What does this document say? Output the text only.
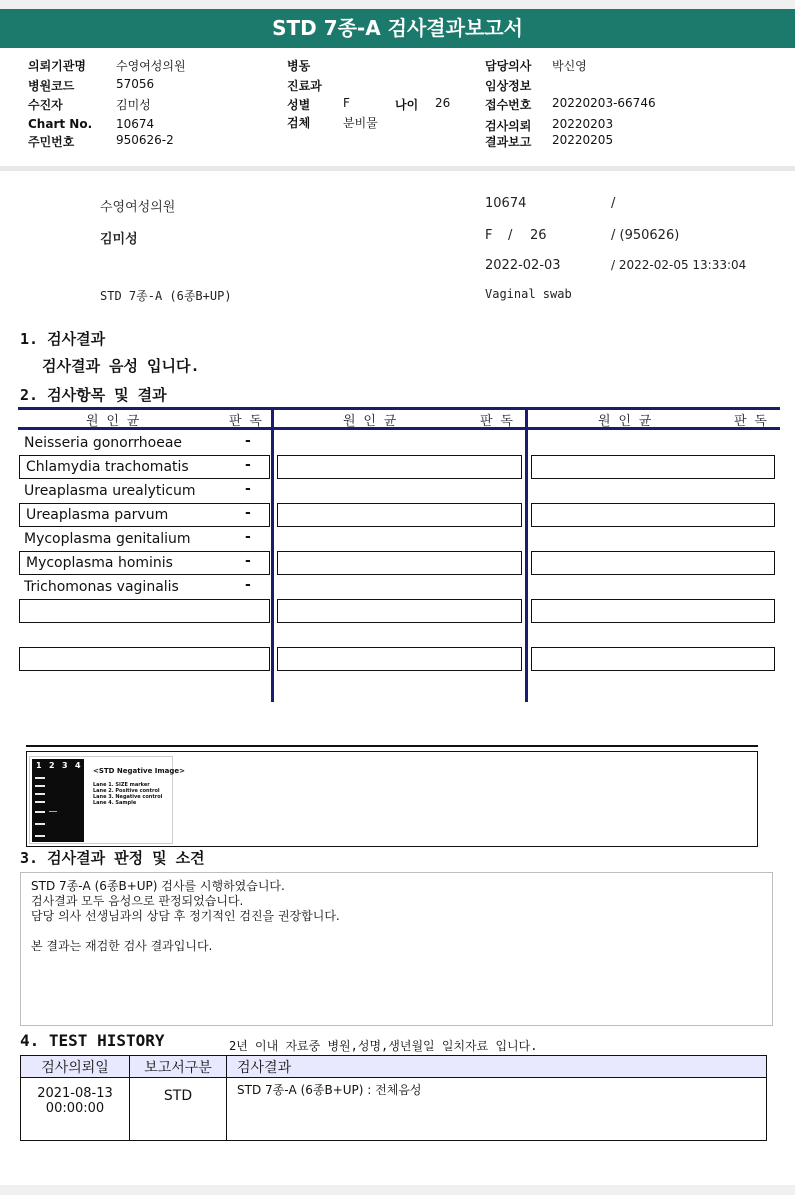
STD 7종-A 검사결과보고서
의뢰기관명	수영여성의원
병원코드	57056
수진자	김미성
Chart No. 10674
주민번호	950626-2
병동
진료과
성별	F	나이 26
검체	분비물
담당의사 박신영
임상정보
접수번호 20220203-66746
검사의뢰 20220203
결과보고 20220205
수영여성의원	10674	/
김미성	F / 26	/ (950626)
2022-02-03	/ 2022-02-05 13:33:04
STD 7종-A (6종B+UP)	Vaginal swab
1. 검사결과
검사결과 음성 입니다.
2. 검사항목 및 결과
원 인 균	판 독	원 인 균	판 독	원 인 균	판 독
Neisseria gonorrhoeae	-
Chlamydia trachomatis	-
Ureaplasma urealyticum	-
Ureaplasma parvum	-
Mycoplasma genitalium	-
Mycoplasma hominis	-
Trichomonas vaginalis	-
1 2 3 4
<STD Negative Image>
Lane 1. SIZE marker
Lane 2. Positive control
Lane 3. Negative control
Lane 4. Sample
3. 검사결과 판정 및 소견
STD 7종-A (6종B+UP) 검사를 시행하였습니다.
검사결과 모두 음성으로 판정되었습니다.
담당 의사 선생님과의 상담 후 정기적인 검진을 권장합니다.
본 결과는 재검한 검사 결과입니다.
4. TEST HISTORY	2년 이내 자료중 병원,성명,생년월일 일치자료 입니다.
검사의뢰일	보고서구분	검사결과

2021-08-13
00:00:00	STD	STD 7종-A (6종B+UP) : 전체음성
